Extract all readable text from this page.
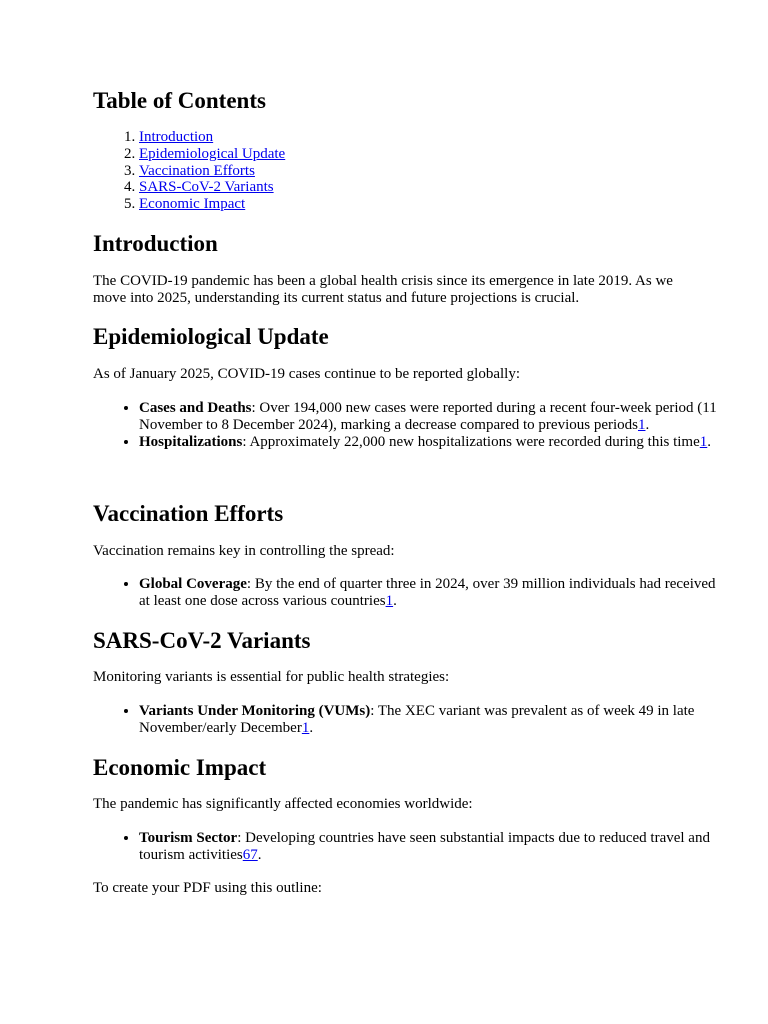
Table of Contents
1. Introduction
2. Epidemiological Update
3. Vaccination Efforts
4. SARS-CoV-2 Variants
5. Economic Impact
Introduction

The COVID-19 pandemic has been a global health crisis since its emergence in late 2019. As we move into 2025, understanding its current status and future projections is crucial.

Epidemiological Update

As of January 2025, COVID-19 cases continue to be reported globally:

• Cases and Deaths: Over 194,000 new cases were reported during a recent four-week period (11 November to 8 December 2024), marking a decrease compared to previous periods1.
• Hospitalizations: Approximately 22,000 new hospitalizations were recorded during this time1.
Vaccination Efforts

Vaccination remains key in controlling the spread:

• Global Coverage: By the end of quarter three in 2024, over 39 million individuals had received at least one dose across various countries1.
SARS-CoV-2 Variants

Monitoring variants is essential for public health strategies:

• Variants Under Monitoring (VUMs): The XEC variant was prevalent as of week 49 in late November/early December1.
Economic Impact

The pandemic has significantly affected economies worldwide:

• Tourism Sector: Developing countries have seen substantial impacts due to reduced travel and tourism activities67.

To create your PDF using this outline:
